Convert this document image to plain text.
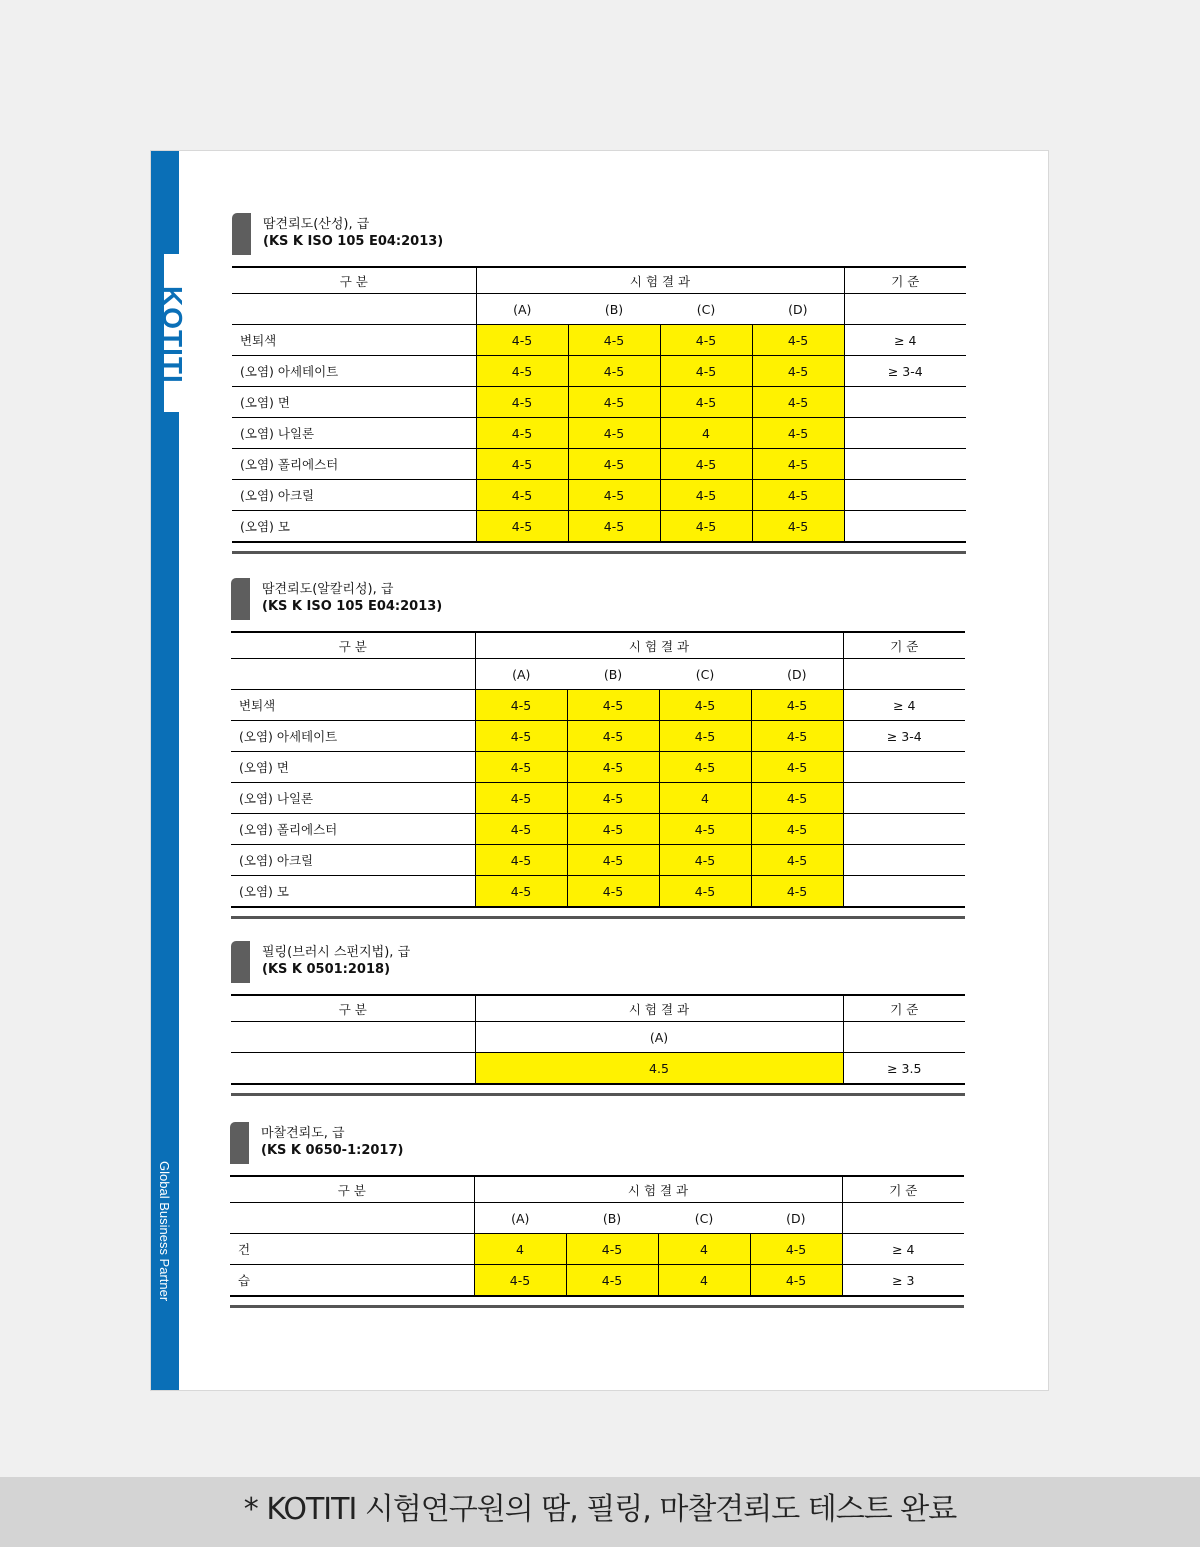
KOTITI
Global Business Partner
땀견뢰도(산성), 급
(KS K ISO 105 E04:2013)
구 분	시 험 결 과				기 준
	(A)	(B)	(C)	(D)	
변퇴색	4-5	4-5	4-5	4-5	≥ 4
(오염) 아세테이트	4-5	4-5	4-5	4-5	≥ 3-4
(오염) 면	4-5	4-5	4-5	4-5	
(오염) 나일론	4-5	4-5	4	4-5	
(오염) 폴리에스터	4-5	4-5	4-5	4-5	
(오염) 아크릴	4-5	4-5	4-5	4-5	
(오염) 모	4-5	4-5	4-5	4-5	
땀견뢰도(알칼리성), 급
(KS K ISO 105 E04:2013)
구 분	시 험 결 과				기 준
	(A)	(B)	(C)	(D)	
변퇴색	4-5	4-5	4-5	4-5	≥ 4
(오염) 아세테이트	4-5	4-5	4-5	4-5	≥ 3-4
(오염) 면	4-5	4-5	4-5	4-5	
(오염) 나일론	4-5	4-5	4	4-5	
(오염) 폴리에스터	4-5	4-5	4-5	4-5	
(오염) 아크릴	4-5	4-5	4-5	4-5	
(오염) 모	4-5	4-5	4-5	4-5	
필링(브러시 스펀지법), 급
(KS K 0501:2018)
구 분	시 험 결 과	기 준
	(A)	
	4.5	≥ 3.5
마찰견뢰도, 급
(KS K 0650-1:2017)
구 분	시 험 결 과				기 준
	(A)	(B)	(C)	(D)	
건	4	4-5	4	4-5	≥ 4
습	4-5	4-5	4	4-5	≥ 3
* KOTITI 시험연구원의 땀, 필링, 마찰견뢰도 테스트 완료
